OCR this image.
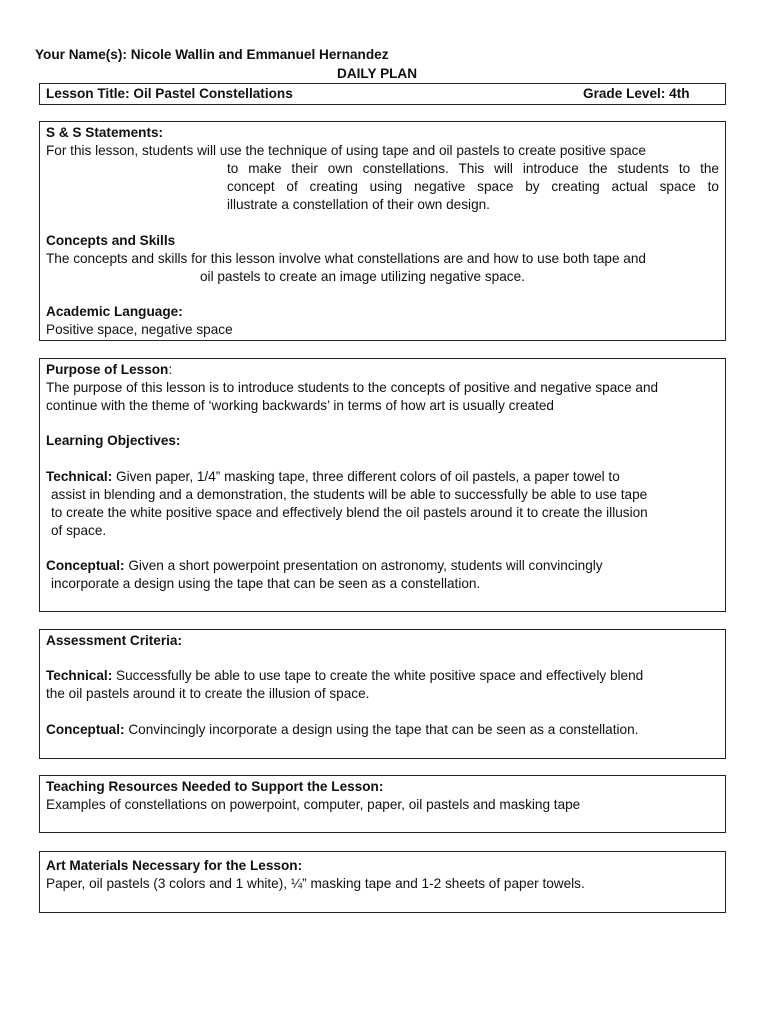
Your Name(s): Nicole Wallin and Emmanuel Hernandez
DAILY PLAN
Lesson Title: Oil Pastel Constellations	Grade Level: 4th
S & S Statements:
For this lesson, students will use the technique of using tape and oil pastels to create positive space
to make their own constellations. This will introduce the students to the
concept of creating using negative space by creating actual space to
illustrate a constellation of their own design.
Concepts and Skills
The concepts and skills for this lesson involve what constellations are and how to use both tape and
oil pastels to create an image utilizing negative space.
Academic Language:
Positive space, negative space
Purpose of Lesson:
The purpose of this lesson is to introduce students to the concepts of positive and negative space and
continue with the theme of ‘working backwards’ in terms of how art is usually created
Learning Objectives:
Technical: Given paper, 1/4” masking tape, three different colors of oil pastels, a paper towel to
assist in blending and a demonstration, the students will be able to successfully be able to use tape
to create the white positive space and effectively blend the oil pastels around it to create the illusion
of space.
Conceptual: Given a short powerpoint presentation on astronomy, students will convincingly
incorporate a design using the tape that can be seen as a constellation.
Assessment Criteria:
Technical: Successfully be able to use tape to create the white positive space and effectively blend
the oil pastels around it to create the illusion of space.
Conceptual: Convincingly incorporate a design using the tape that can be seen as a constellation.
Teaching Resources Needed to Support the Lesson:
Examples of constellations on powerpoint, computer, paper, oil pastels and masking tape
Art Materials Necessary for the Lesson:
Paper, oil pastels (3 colors and 1 white), ¼” masking tape and 1-2 sheets of paper towels.
